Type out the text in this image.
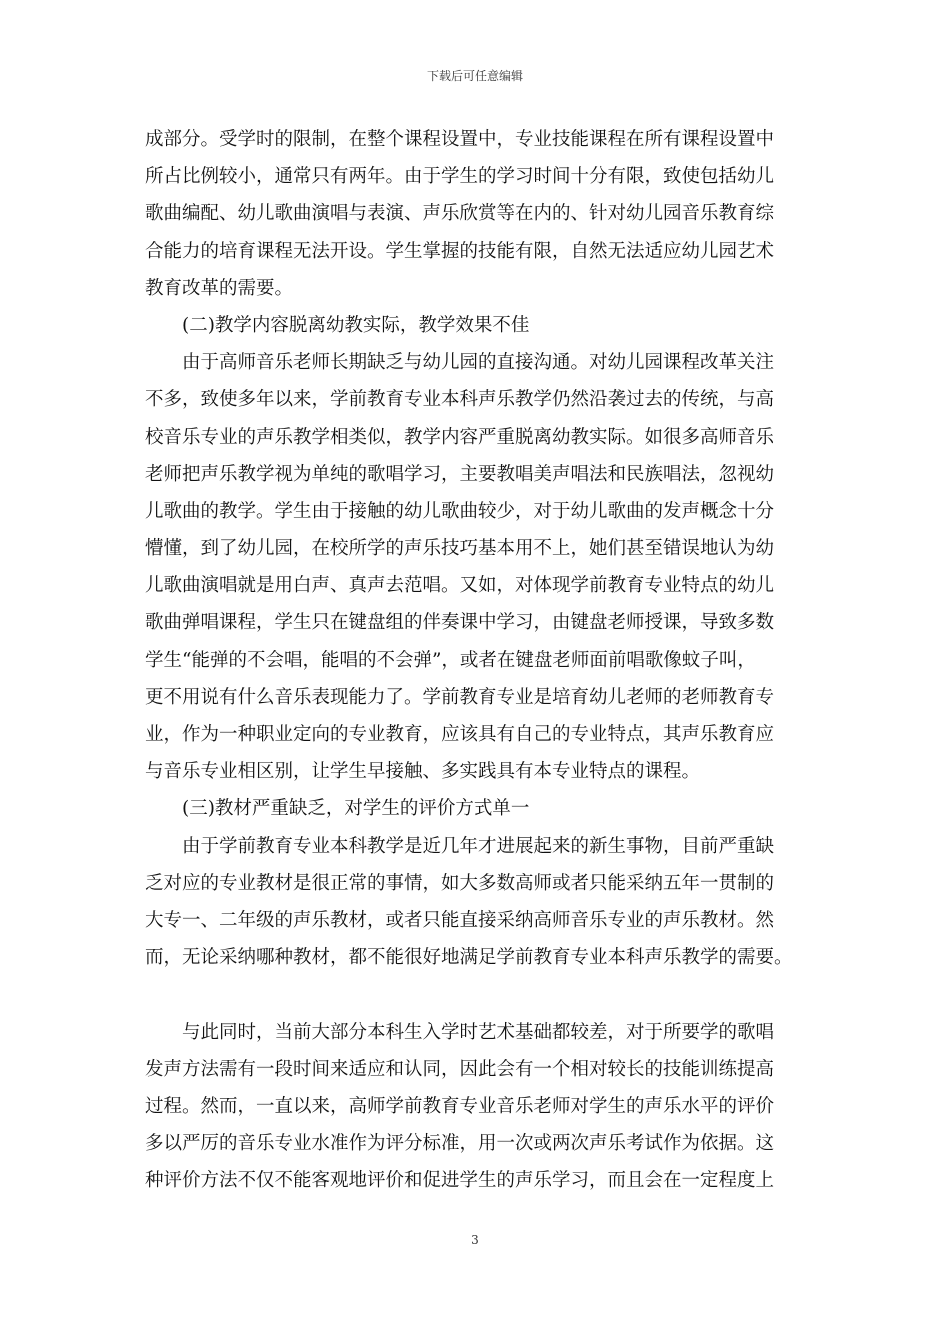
下载后可任意编辑
成部分。受学时的限制，在整个课程设置中，专业技能课程在所有课程设置中
所占比例较小，通常只有两年。由于学生的学习时间十分有限，致使包括幼儿
歌曲编配、幼儿歌曲演唱与表演、声乐欣赏等在内的、针对幼儿园音乐教育综
合能力的培育课程无法开设。学生掌握的技能有限，自然无法适应幼儿园艺术
教育改革的需要。
(二)教学内容脱离幼教实际，教学效果不佳
由于高师音乐老师长期缺乏与幼儿园的直接沟通。对幼儿园课程改革关注
不多，致使多年以来，学前教育专业本科声乐教学仍然沿袭过去的传统，与高
校音乐专业的声乐教学相类似，教学内容严重脱离幼教实际。如很多高师音乐
老师把声乐教学视为单纯的歌唱学习，主要教唱美声唱法和民族唱法，忽视幼
儿歌曲的教学。学生由于接触的幼儿歌曲较少，对于幼儿歌曲的发声概念十分
懵懂，到了幼儿园，在校所学的声乐技巧基本用不上，她们甚至错误地认为幼
儿歌曲演唱就是用白声、真声去范唱。又如，对体现学前教育专业特点的幼儿
歌曲弹唱课程，学生只在键盘组的伴奏课中学习，由键盘老师授课，导致多数
学生“能弹的不会唱，能唱的不会弹”，或者在键盘老师面前唱歌像蚊子叫，
更不用说有什么音乐表现能力了。学前教育专业是培育幼儿老师的老师教育专
业，作为一种职业定向的专业教育，应该具有自己的专业特点，其声乐教育应
与音乐专业相区别，让学生早接触、多实践具有本专业特点的课程。
(三)教材严重缺乏，对学生的评价方式单一
由于学前教育专业本科教学是近几年才进展起来的新生事物，目前严重缺
乏对应的专业教材是很正常的事情，如大多数高师或者只能采纳五年一贯制的
大专一、二年级的声乐教材，或者只能直接采纳高师音乐专业的声乐教材。然
而，无论采纳哪种教材，都不能很好地满足学前教育专业本科声乐教学的需要。
与此同时，当前大部分本科生入学时艺术基础都较差，对于所要学的歌唱
发声方法需有一段时间来适应和认同，因此会有一个相对较长的技能训练提高
过程。然而，一直以来，高师学前教育专业音乐老师对学生的声乐水平的评价
多以严厉的音乐专业水准作为评分标准，用一次或两次声乐考试作为依据。这
种评价方法不仅不能客观地评价和促进学生的声乐学习，而且会在一定程度上
3
